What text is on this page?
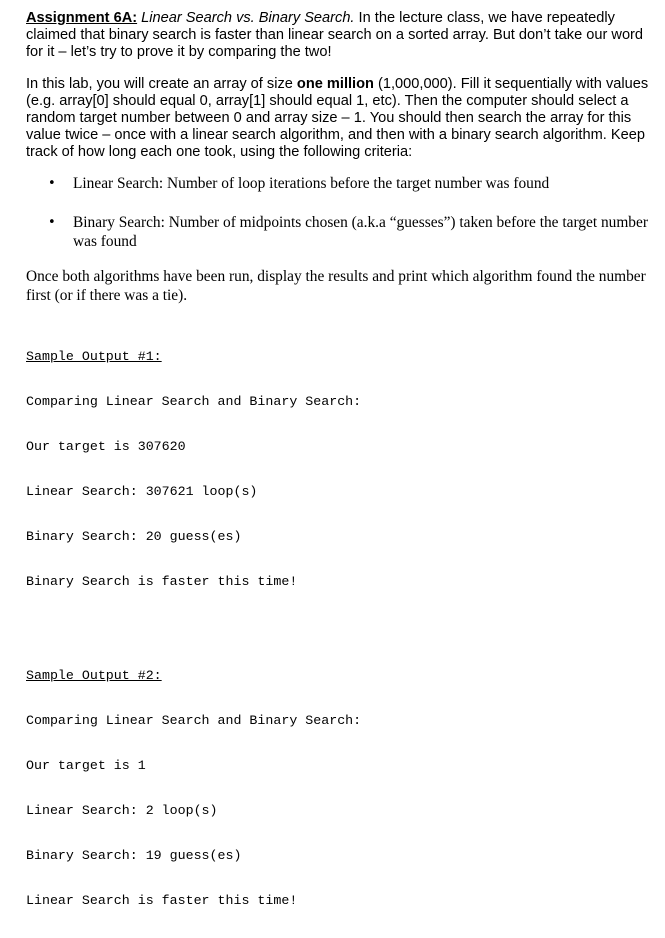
Assignment 6A: Linear Search vs. Binary Search. In the lecture class, we have repeatedly claimed that binary search is faster than linear search on a sorted array. But don’t take our word for it – let’s try to prove it by comparing the two!

In this lab, you will create an array of size one million (1,000,000). Fill it sequentially with values (e.g. array[0] should equal 0, array[1] should equal 1, etc). Then the computer should select a random target number between 0 and array size – 1. You should then search the array for this value twice – once with a linear search algorithm, and then with a binary search algorithm. Keep track of how long each one took, using the following criteria:

• Linear Search: Number of loop iterations before the target number was found
• Binary Search: Number of midpoints chosen (a.k.a “guesses”) taken before the target number was found

Once both algorithms have been run, display the results and print which algorithm found the number first (or if there was a tie).

Sample Output #1:

Comparing Linear Search and Binary Search:

Our target is 307620

Linear Search: 307621 loop(s)

Binary Search: 20 guess(es)

Binary Search is faster this time!

Sample Output #2:

Comparing Linear Search and Binary Search:

Our target is 1

Linear Search: 2 loop(s)

Binary Search: 19 guess(es)

Linear Search is faster this time!
